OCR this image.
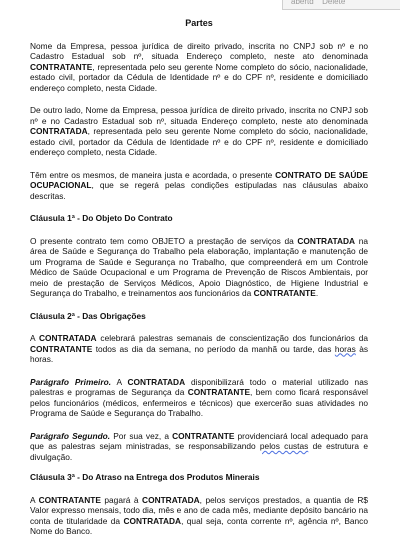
abertd Delete
Partes

Nome da Empresa, pessoa jurídica de direito privado, inscrita no CNPJ sob nº e no Cadastro Estadual sob nº, situada Endereço completo, neste ato denominada CONTRATANTE, representada pelo seu gerente Nome completo do sócio, nacionalidade, estado civil, portador da Cédula de Identidade nº e do CPF nº, residente e domiciliado endereço completo, nesta Cidade.

De outro lado, Nome da Empresa, pessoa jurídica de direito privado, inscrita no CNPJ sob nº e no Cadastro Estadual sob nº, situada Endereço completo, neste ato denominada CONTRATADA, representada pelo seu gerente Nome completo do sócio, nacionalidade, estado civil, portador da Cédula de Identidade nº e do CPF nº, residente e domiciliado endereço completo, nesta Cidade.

Têm entre os mesmos, de maneira justa e acordada, o presente CONTRATO DE SAÚDE OCUPACIONAL, que se regerá pelas condições estipuladas nas cláusulas abaixo descritas.

Cláusula 1ª - Do Objeto Do Contrato

O presente contrato tem como OBJETO a prestação de serviços da CONTRATADA na área de Saúde e Segurança do Trabalho pela elaboração, implantação e manutenção de um Programa de Saúde e Segurança no Trabalho, que compreenderá em um Controle Médico de Saúde Ocupacional e um Programa de Prevenção de Riscos Ambientais, por meio de prestação de Serviços Médicos, Apoio Diagnóstico, de Higiene Industrial e Segurança do Trabalho, e treinamentos aos funcionários da CONTRATANTE.

Cláusula 2ª - Das Obrigações

A CONTRATADA celebrará palestras semanais de conscientização dos funcionários da CONTRATANTE todos as dia da semana, no período da manhã ou tarde, das horas às horas.

Parágrafo Primeiro. A CONTRATADA disponibilizará todo o material utilizado nas palestras e programas de Segurança da CONTRATANTE, bem como ficará responsável pelos funcionários (médicos, enfermeiros e técnicos) que exercerão suas atividades no Programa de Saúde e Segurança do Trabalho.

Parágrafo Segundo. Por sua vez, a CONTRATANTE providenciará local adequado para que as palestras sejam ministradas, se responsabilizando pelos custas de estrutura e divulgação.

Cláusula 3ª - Do Atraso na Entrega dos Produtos Minerais

A CONTRATANTE pagará à CONTRATADA, pelos serviços prestados, a quantia de R$ Valor expresso mensais, todo dia, mês e ano de cada mês, mediante depósito bancário na conta de titularidade da CONTRATADA, qual seja, conta corrente nº, agência nº, Banco Nome do Banco.
